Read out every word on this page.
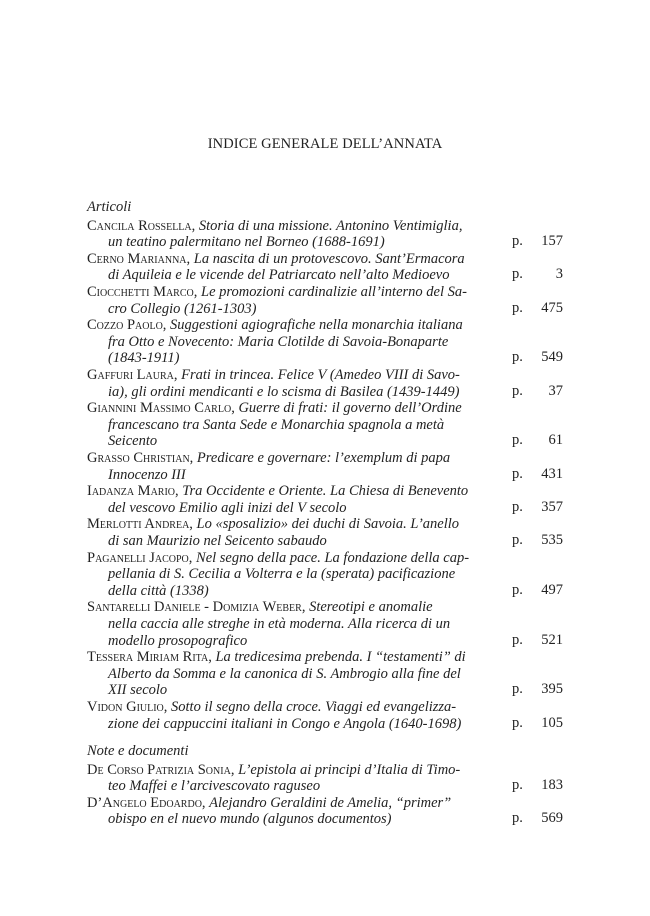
INDICE GENERALE DELL’ANNATA
Articoli
Cancila Rossella, Storia di una missione. Antonino Ventimiglia,
un teatino palermitano nel Borneo (1688-1691)	p. 157
Cerno Marianna, La nascita di un protovescovo. Sant’Ermacora
di Aquileia e le vicende del Patriarcato nell’alto Medioevo	p. 3
Ciocchetti Marco, Le promozioni cardinalizie all’interno del Sa-
cro Collegio (1261-1303)	p. 475
Cozzo Paolo, Suggestioni agiografiche nella monarchia italiana
fra Otto e Novecento: Maria Clotilde di Savoia-Bonaparte
(1843-1911)	p. 549
Gaffuri Laura, Frati in trincea. Felice V (Amedeo VIII di Savo-
ia), gli ordini mendicanti e lo scisma di Basilea (1439-1449)	p. 37
Giannini Massimo Carlo, Guerre di frati: il governo dell’Ordine
francescano tra Santa Sede e Monarchia spagnola a metà
Seicento	p. 61
Grasso Christian, Predicare e governare: l’exemplum di papa
Innocenzo III	p. 431
Iadanza Mario, Tra Occidente e Oriente. La Chiesa di Benevento
del vescovo Emilio agli inizi del V secolo	p. 357
Merlotti Andrea, Lo «sposalizio» dei duchi di Savoia. L’anello
di san Maurizio nel Seicento sabaudo	p. 535
Paganelli Jacopo, Nel segno della pace. La fondazione della cap-
pellania di S. Cecilia a Volterra e la (sperata) pacificazione
della città (1338)	p. 497
Santarelli Daniele - Domizia Weber, Stereotipi e anomalie
nella caccia alle streghe in età moderna. Alla ricerca di un
modello prosopografico	p. 521
Tessera Miriam Rita, La tredicesima prebenda. I “testamenti” di
Alberto da Somma e la canonica di S. Ambrogio alla fine del
XII secolo	p. 395
Vidon Giulio, Sotto il segno della croce. Viaggi ed evangelizza-
zione dei cappuccini italiani in Congo e Angola (1640-1698)	p. 105
Note e documenti
De Corso Patrizia Sonia, L’epistola ai principi d’Italia di Timo-
teo Maffei e l’arcivescovato raguseo	p. 183
D’Angelo Edoardo, Alejandro Geraldini de Amelia, “primer”
obispo en el nuevo mundo (algunos documentos)	p. 569
